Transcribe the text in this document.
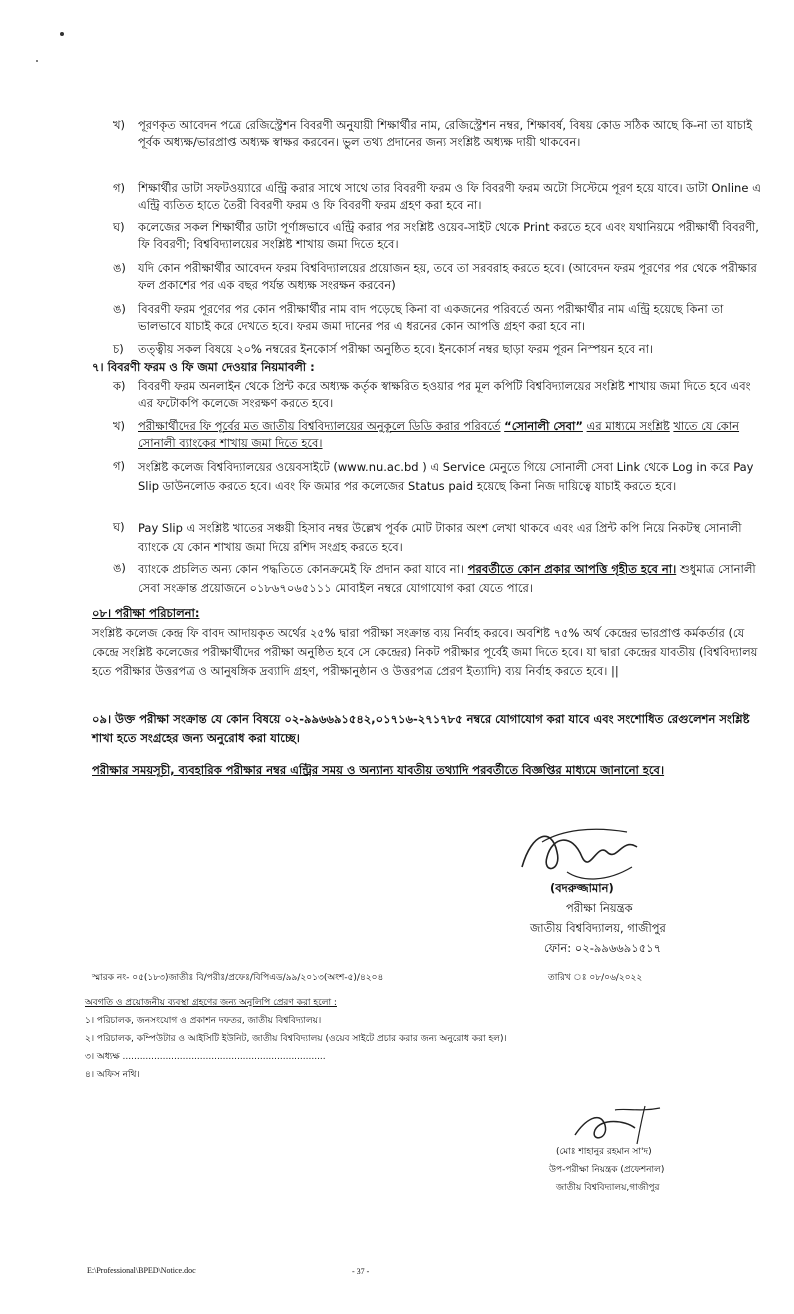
খ) পূরণকৃত আবেদন পত্রে রেজিস্ট্রেশন বিবরণী অনুযায়ী শিক্ষার্থীর নাম, রেজিস্ট্রেশন নম্বর, শিক্ষাবর্ষ, বিষয় কোড সঠিক আছে কি-না তা যাচাই পূর্বক অধ্যক্ষ/ভারপ্রাপ্ত অধ্যক্ষ স্বাক্ষর করবেন। ভুল তথ্য প্রদানের জন্য সংশ্লিষ্ট অধ্যক্ষ দায়ী থাকবেন।
গ) শিক্ষার্থীর ডাটা সফটওয়্যারে এন্ট্রি করার সাথে সাথে তার বিবরণী ফরম ও ফি বিবরণী ফরম অটো সিস্টেমে পূরণ হয়ে যাবে। ডাটা Online এ এন্ট্রি ব্যতিত হাতে তৈরী বিবরণী ফরম ও ফি বিবরণী ফরম গ্রহণ করা হবে না।
ঘ) কলেজের সকল শিক্ষার্থীর ডাটা পূর্ণাঙ্গভাবে এন্ট্রি করার পর সংশ্লিষ্ট ওয়েব-সাইট থেকে Print করতে হবে এবং যথানিয়মে পরীক্ষার্থী বিবরণী, ফি বিবরণী; বিশ্ববিদ্যালয়ের সংশ্লিষ্ট শাখায় জমা দিতে হবে।
ঙ) যদি কোন পরীক্ষার্থীর আবেদন ফরম বিশ্ববিদ্যালয়ের প্রয়োজন হয়, তবে তা সরবরাহ করতে হবে। (আবেদন ফরম পূরণের পর থেকে পরীক্ষার ফল প্রকাশের পর এক বছর পর্যন্ত অধ্যক্ষ সংরক্ষন করবেন)
ঙ) বিবরণী ফরম পূরণের পর কোন পরীক্ষার্থীর নাম বাদ পড়েছে কিনা বা একজনের পরিবর্তে অন্য পরীক্ষার্থীর নাম এন্ট্রি হয়েছে কিনা তা ভালভাবে যাচাই করে দেখতে হবে। ফরম জমা দানের পর এ ধরনের কোন আপত্তি গ্রহণ করা হবে না।
চ) তত্ত্বীয় সকল বিষয়ে ২০% নম্বরের ইনকোর্স পরীক্ষা অনুষ্ঠিত হবে। ইনকোর্স নম্বর ছাড়া ফরম পূরন নিস্পয়ন হবে না।
৭। বিবরণী ফরম ও ফি জমা দেওয়ার নিয়মাবলী :
ক) বিবরণী ফরম অনলাইন থেকে প্রিন্ট করে অধ্যক্ষ কর্তৃক স্বাক্ষরিত হওয়ার পর মূল কপিটি বিশ্ববিদ্যালয়ের সংশ্লিষ্ট শাখায় জমা দিতে হবে এবং এর ফটোকপি কলেজে সংরক্ষণ করতে হবে।
খ) পরীক্ষার্থীদের ফি পূর্বের মত জাতীয় বিশ্ববিদ্যালয়ের অনুকূলে ডিডি করার পরিবর্তে “সোনালী সেবা” এর মাধ্যমে সংশ্লিষ্ট খাতে যে কোন সোনালী ব্যাংকের শাখায় জমা দিতে হবে।
গ) সংশ্লিষ্ট কলেজ বিশ্ববিদ্যালয়ের ওয়েবসাইটে (www.nu.ac.bd ) এ Service মেনুতে গিয়ে সোনালী সেবা Link থেকে Log in করে Pay Slip ডাউনলোড করতে হবে। এবং ফি জমার পর কলেজের Status paid হয়েছে কিনা নিজ দায়িত্বে যাচাই করতে হবে।
ঘ) Pay Slip এ সংশ্লিষ্ট খাতের সঞ্চয়ী হিসাব নম্বর উল্লেখ পূর্বক মোট টাকার অংশ লেখা থাকবে এবং এর প্রিন্ট কপি নিয়ে নিকটস্থ সোনালী ব্যাংকে যে কোন শাখায় জমা দিয়ে রশিদ সংগ্রহ করতে হবে।
ঙ) ব্যাংকে প্রচলিত অন্য কোন পদ্ধতিতে কোনক্রমেই ফি প্রদান করা যাবে না। পরবর্তীতে কোন প্রকার আপত্তি গৃহীত হবে না। শুধুমাত্র সোনালী সেবা সংক্রান্ত প্রয়োজনে ০১৮৬৭০৬৫১১১ মোবাইল নম্বরে যোগাযোগ করা যেতে পারে।
০৮। পরীক্ষা পরিচালনা:
সংশ্লিষ্ট কলেজ কেন্দ্র ফি বাবদ আদায়কৃত অর্থের ২৫% দ্বারা পরীক্ষা সংক্রান্ত ব্যয় নির্বাহ করবে। অবশিষ্ট ৭৫% অর্থ কেন্দ্রের ভারপ্রাপ্ত কর্মকর্তার (যে কেন্দ্রে সংশ্লিষ্ট কলেজের পরীক্ষার্থীদের পরীক্ষা অনুষ্ঠিত হবে সে কেন্দ্রের) নিকট পরীক্ষার পূর্বেই জমা দিতে হবে। যা দ্বারা কেন্দ্রের যাবতীয় (বিশ্ববিদ্যালয় হতে পরীক্ষার উত্তরপত্র ও আনুষঙ্গিক দ্রব্যাদি গ্রহণ, পরীক্ষানুষ্ঠান ও উত্তরপত্র প্রেরণ ইত্যাদি) ব্যয় নির্বাহ করতে হবে। ||
০৯। উক্ত পরীক্ষা সংক্রান্ত যে কোন বিষয়ে ০২-৯৯৬৬৯১৫৪২,০১৭১৬-২৭১৭৮৫ নম্বরে যোগাযোগ করা যাবে এবং সংশোধিত রেগুলেশন সংশ্লিষ্ট শাখা হতে সংগ্রহের জন্য অনুরোধ করা যাচ্ছে।
পরীক্ষার সময়সূচী, ব্যবহারিক পরীক্ষার নম্বর এন্ট্রির সময় ও অন্যান্য যাবতীয় তথ্যাদি পরবর্তীতে বিজ্ঞপ্তির মাধ্যমে জানানো হবে।
(বদরুজ্জামান)
পরীক্ষা নিয়ন্ত্রক
জাতীয় বিশ্ববিদ্যালয়, গাজীপুর
ফোন: ০২-৯৯৬৬৯১৫১৭
স্মারক নং- ০৫(১৮৩)জাতীঃ বি/পরীঃ/প্রফেঃ/বিপিএড/৯৯/২০১৩(অংশ-৫)/৪২০৪	তারিখ ঃ ০৮/০৬/২০২২
অবগতি ও প্রয়োজনীয় ব্যবস্থা গ্রহণের জন্য অনুলিপি প্রেরণ করা হলো :
১। পরিচালক, জনসংযোগ ও প্রকাশন দফতর, জাতীয় বিশ্ববিদ্যালয়।
২। পরিচালক, কম্পিউটার ও আইসিটি ইউনিট, জাতীয় বিশ্ববিদ্যালয় (ওয়েব সাইটে প্রচার করার জন্য অনুরোধ করা হল)।
৩। অধ্যক্ষ .......................................................................
৪। অফিস নথি।
(মোঃ শাহানুর রহমান সা'দ)
উপ-পরীক্ষা নিয়ন্ত্রক (প্রফেশনাল)
জাতীয় বিশ্ববিদ্যালয়,গাজীপুর
E:\Professional\BPED\Notice.doc	- 37 -
